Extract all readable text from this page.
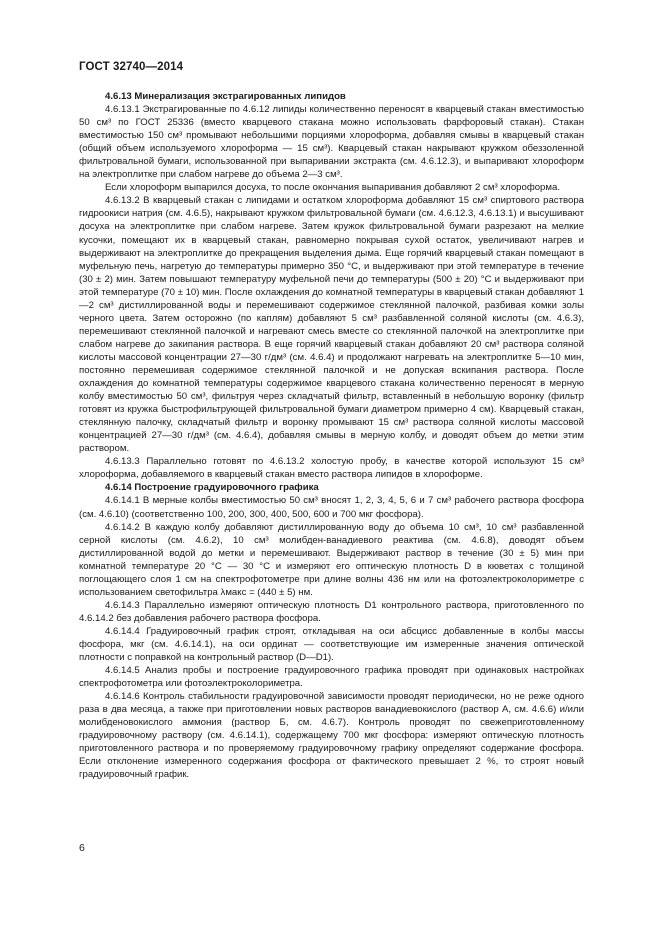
ГОСТ 32740—2014

4.6.13 Минерализация экстрагированных липидов

4.6.13.1 Экстрагированные по 4.6.12 липиды количественно переносят в кварцевый стакан вместимостью 50 см³ по ГОСТ 25336 (вместо кварцевого стакана можно использовать фарфоровый стакан). Стакан вместимостью 150 см³ промывают небольшими порциями хлороформа, добавляя смывы в кварцевый стакан (общий объем используемого хлороформа — 15 см³). Кварцевый стакан накрывают кружком обеззоленной фильтровальной бумаги, использованной при выпаривании экстракта (см. 4.6.12.3), и выпаривают хлороформ на электроплитке при слабом нагреве до объема 2—3 см³.

Если хлороформ выпарился досуха, то после окончания выпаривания добавляют 2 см³ хлороформа.

4.6.13.2 В кварцевый стакан с липидами и остатком хлороформа добавляют 15 см³ спиртового раствора гидроокиси натрия (см. 4.6.5), накрывают кружком фильтровальной бумаги (см. 4.6.12.3, 4.6.13.1) и высушивают досуха на электроплитке при слабом нагреве. Затем кружок фильтровальной бумаги разрезают на мелкие кусочки, помещают их в кварцевый стакан, равномерно покрывая сухой остаток, увеличивают нагрев и выдерживают на электроплитке до прекращения выделения дыма. Еще горячий кварцевый стакан помещают в муфельную печь, нагретую до температуры примерно 350 °С, и выдерживают при этой температуре в течение (30 ± 2) мин. Затем повышают температуру муфельной печи до температуры (500 ± 20) °С и выдерживают при этой температуре (70 ± 10) мин. После охлаждения до комнатной температуры в кварцевый стакан добавляют 1—2 см³ дистиллированной воды и перемешивают содержимое стеклянной палочкой, разбивая комки золы черного цвета. Затем осторожно (по каплям) добавляют 5 см³ разбавленной соляной кислоты (см. 4.6.3), перемешивают стеклянной палочкой и нагревают смесь вместе со стеклянной палочкой на электроплитке при слабом нагреве до закипания раствора. В еще горячий кварцевый стакан добавляют 20 см³ раствора соляной кислоты массовой концентрации 27—30 г/дм³ (см. 4.6.4) и продолжают нагревать на электроплитке 5—10 мин, постоянно перемешивая содержимое стеклянной палочкой и не допуская вскипания раствора. После охлаждения до комнатной температуры содержимое кварцевого стакана количественно переносят в мерную колбу вместимостью 50 см³, фильтруя через складчатый фильтр, вставленный в небольшую воронку (фильтр готовят из кружка быстрофильтрующей фильтровальной бумаги диаметром примерно 4 см). Кварцевый стакан, стеклянную палочку, складчатый фильтр и воронку промывают 15 см³ раствора соляной кислоты массовой концентрацией 27—30 г/дм³ (см. 4.6.4), добавляя смывы в мерную колбу, и доводят объем до метки этим раствором.

4.6.13.3 Параллельно готовят по 4.6.13.2 холостую пробу, в качестве которой используют 15 см³ хлороформа, добавляемого в кварцевый стакан вместо раствора липидов в хлороформе.

4.6.14 Построение градуировочного графика

4.6.14.1 В мерные колбы вместимостью 50 см³ вносят 1, 2, 3, 4, 5, 6 и 7 см³ рабочего раствора фосфора (см. 4.6.10) (соответственно 100, 200, 300, 400, 500, 600 и 700 мкг фосфора).

4.6.14.2 В каждую колбу добавляют дистиллированную воду до объема 10 см³, 10 см³ разбавленной серной кислоты (см. 4.6.2), 10 см³ молибден-ванадиевого реактива (см. 4.6.8), доводят объем дистиллированной водой до метки и перемешивают. Выдерживают раствор в течение (30 ± 5) мин при комнатной температуре 20 °С — 30 °С и измеряют его оптическую плотность D в кюветах с толщиной поглощающего слоя 1 см на спектрофотометре при длине волны 436 нм или на фотоэлектроколориметре с использованием светофильтра λмакс = (440 ± 5) нм.

4.6.14.3 Параллельно измеряют оптическую плотность D1 контрольного раствора, приготовленного по 4.6.14.2 без добавления рабочего раствора фосфора.

4.6.14.4 Градуировочный график строят, откладывая на оси абсцисс добавленные в колбы массы фосфора, мкг (см. 4.6.14.1), на оси ординат — соответствующие им измеренные значения оптической плотности с поправкой на контрольный раствор (D—D1).

4.6.14.5 Анализ пробы и построение градуировочного графика проводят при одинаковых настройках спектрофотометра или фотоэлектроколориметра.

4.6.14.6 Контроль стабильности градуировочной зависимости проводят периодически, но не реже одного раза в два месяца, а также при приготовлении новых растворов ванадиевокислого (раствор А, см. 4.6.6) и/или молибденовокислого аммония (раствор Б, см. 4.6.7). Контроль проводят по свежеприготовленному градуировочному раствору (см. 4.6.14.1), содержащему 700 мкг фосфора: измеряют оптическую плотность приготовленного раствора и по проверяемому градуировочному графику определяют содержание фосфора. Если отклонение измеренного содержания фосфора от фактического превышает 2 %, то строят новый градуировочный график.

6
